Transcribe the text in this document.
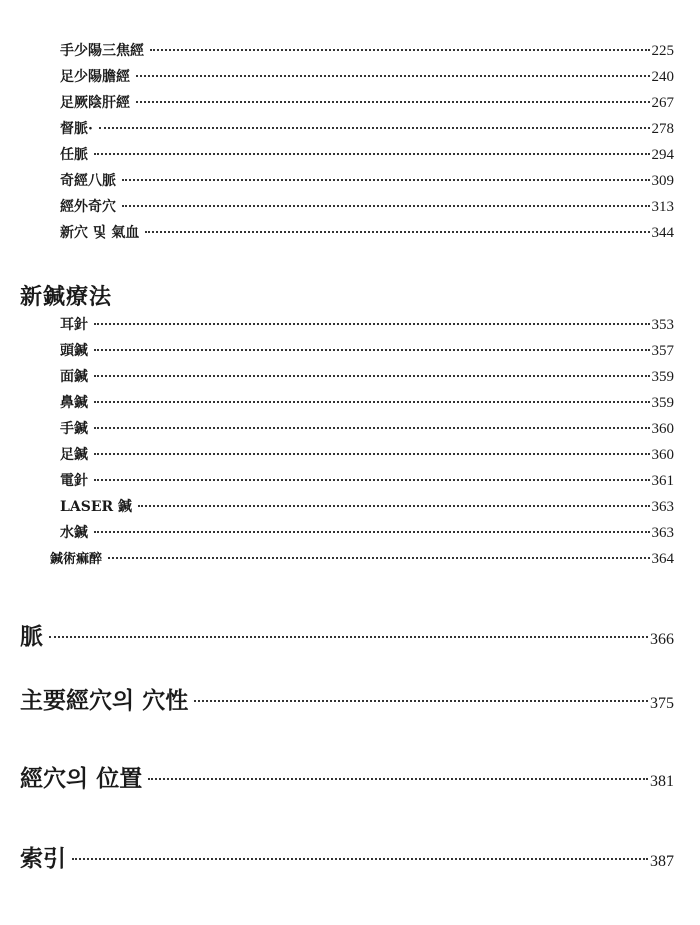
手少陽三焦經	225
足少陽膽經	240
足厥陰肝經	267
督脈·	278
任脈	294
奇經八脈	309
經外奇穴	313
新穴 및 氣血	344
新鍼療法
耳針	353
頭鍼	357
面鍼	359
鼻鍼	359
手鍼	360
足鍼	360
電針	361
LASER 鍼	363
水鍼	363
鍼術痲醉	364
脈	366
主要經穴의 穴性	375
經穴의 位置	381
索引	387
